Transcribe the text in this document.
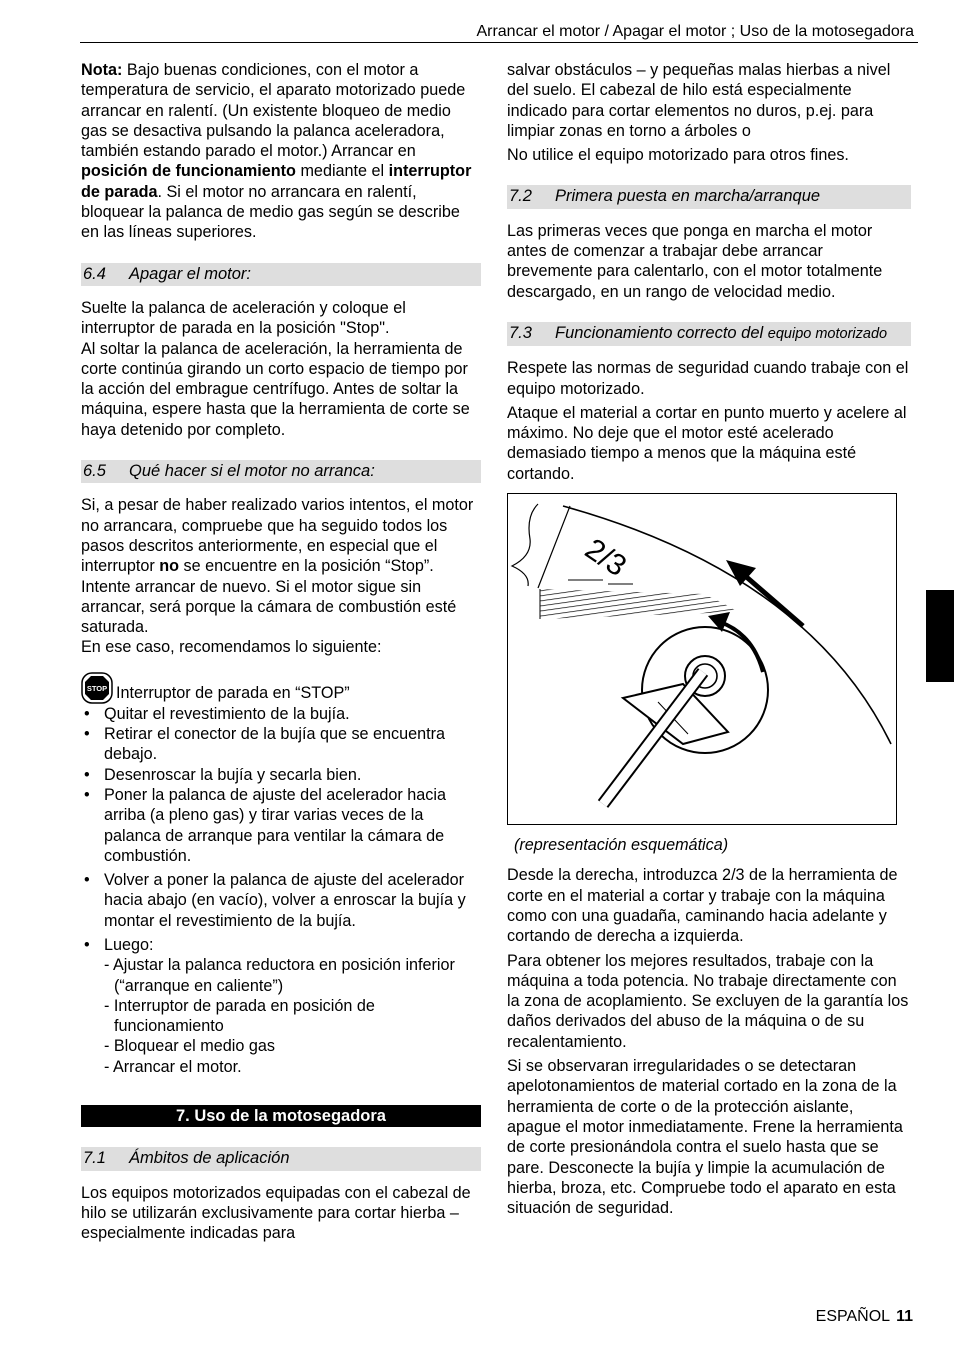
Arrancar el motor / Apagar el motor ; Uso de la motosegadora

Nota: Bajo buenas condiciones, con el motor a temperatura de servicio, el aparato motorizado puede arrancar en ralentí. (Un existente bloqueo de medio gas se desactiva pulsando la palanca aceleradora, también estando parado el motor.) Arrancar en posición de funcionamiento mediante el interruptor de parada. Si el motor no arrancara en ralentí, bloquear la palanca de medio gas según se describe en las líneas superiores.

6.4 Apagar el motor:

Suelte la palanca de aceleración y coloque el interruptor de parada en la posición "Stop".

Al soltar la palanca de aceleración, la herramienta de corte continúa girando un corto espacio de tiempo por la acción del embrague centrífugo. Antes de soltar la máquina, espere hasta que la herramienta de corte se haya detenido por completo.

6.5 Qué hacer si el motor no arranca:

Si, a pesar de haber realizado varios intentos, el motor no arrancara, compruebe que ha seguido todos los pasos descritos anteriormente, en especial que el interruptor no se encuentre en la posición “Stop”. Intente arrancar de nuevo. Si el motor sigue sin arrancar, será porque la cámara de combustión esté saturada.

En ese caso, recomendamos lo siguiente:

STOP Interruptor de parada en “STOP”
• Quitar el revestimiento de la bujía.
• Retirar el conector de la bujía que se encuentra debajo.
• Desenroscar la bujía y secarla bien.
• Poner la palanca de ajuste del acelerador hacia arriba (a pleno gas) y tirar varias veces de la palanca de arranque para ventilar la cámara de combustión.
• Volver a poner la palanca de ajuste del acelerador hacia abajo (en vacío), volver a enroscar la bujía y montar el revestimiento de la bujía.
• Luego:
- Ajustar la palanca reductora en posición inferior (“arranque en caliente”)
- Interruptor de parada en posición de funcionamiento
- Bloquear el medio gas
- Arrancar el motor.
7. Uso de la motosegadora
7.1 Ámbitos de aplicación

Los equipos motorizados equipadas con el cabezal de hilo se utilizarán exclusivamente para cortar hierba – especialmente indicadas para

salvar obstáculos – y pequeñas malas hierbas a nivel del suelo. El cabezal de hilo está especialmente indicado para cortar elementos no duros, p.ej. para limpiar zonas en torno a árboles o

No utilice el equipo motorizado para otros fines.

7.2 Primera puesta en marcha/arranque

Las primeras veces que ponga en marcha el motor antes de comenzar a trabajar debe arrancar brevemente para calentarlo, con el motor totalmente descargado, en un rango de velocidad medio.

7.3	Funcionamiento correcto del equipo motorizado

Respete las normas de seguridad cuando trabaje con el equipo motorizado.

Ataque el material a cortar en punto muerto y acelere al máximo. No deje que el motor esté acelerado demasiado tiempo a menos que la máquina esté cortando.

2/3

(representación esquemática)

Desde la derecha, introduzca 2/3 de la herramienta de corte en el material a cortar y trabaje con la máquina como con una guadaña, caminando hacia adelante y cortando de derecha a izquierda.

Para obtener los mejores resultados, trabaje con la máquina a toda potencia. No trabaje directamente con la zona de acoplamiento. Se excluyen de la garantía los daños derivados del abuso de la máquina o de su recalentamiento.

Si se observaran irregularidades o se detectaran apelotonamientos de material cortado en la zona de la herramienta de corte o de la protección aislante, apague el motor inmediatamente. Frene la herramienta de corte presionándola contra el suelo hasta que se pare. Desconecte la bujía y limpie la acumulación de hierba, broza, etc. Compruebe todo el aparato en esta situación de seguridad.

ESPAÑOL 11
